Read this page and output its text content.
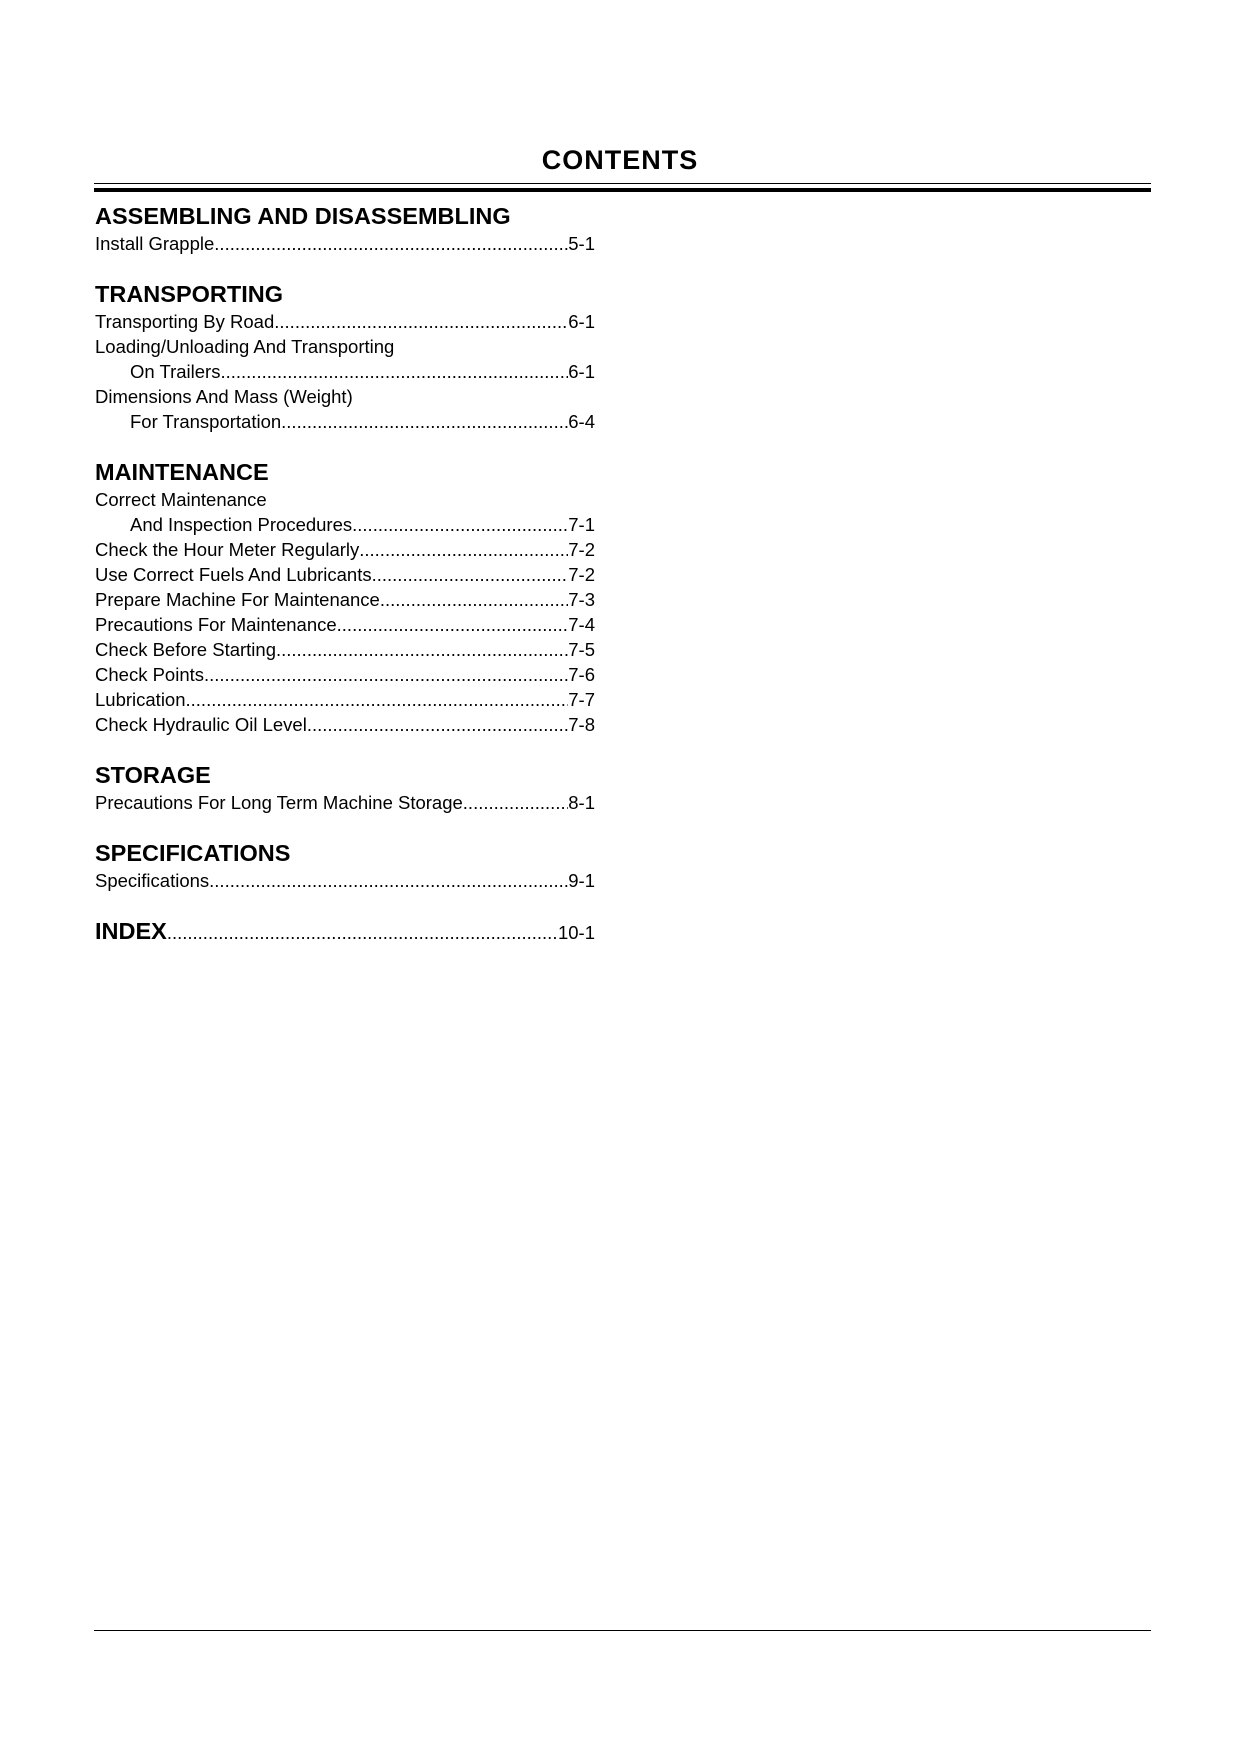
CONTENTS
ASSEMBLING AND DISASSEMBLING
Install Grapple .....	5-1
TRANSPORTING
Transporting By Road .....	6-1
Loading/Unloading And Transporting
On Trailers .....	6-1
Dimensions And Mass (Weight)
For Transportation .....	6-4
MAINTENANCE
Correct Maintenance
And Inspection Procedures .....	7-1
Check the Hour Meter Regularly .....	7-2
Use Correct Fuels And Lubricants .....	7-2
Prepare Machine For Maintenance .....	7-3
Precautions For Maintenance .....	7-4
Check Before Starting .....	7-5
Check Points .....	7-6
Lubrication .....	7-7
Check Hydraulic Oil Level .....	7-8
STORAGE
Precautions For Long Term Machine Storage .....	8-1
SPECIFICATIONS
Specifications .....	9-1
INDEX .....	10-1
